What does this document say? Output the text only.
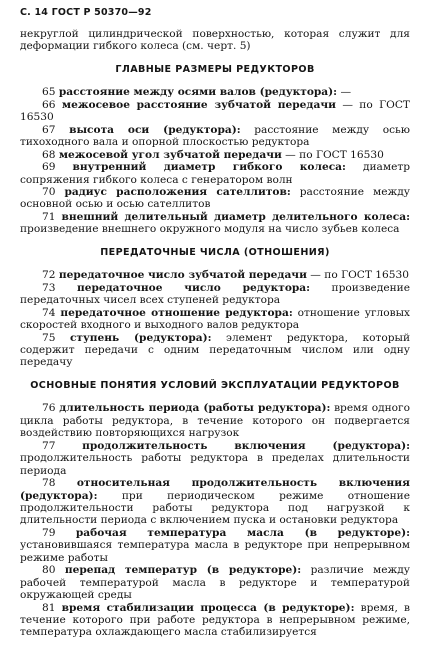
С. 14 ГОСТ Р 50370—92
некруглой цилиндрической поверхностью, которая служит для деформации гибкого колеса (см. черт. 5)
ГЛАВНЫЕ РАЗМЕРЫ РЕДУКТОРОВ
65 расстояние между осями валов (редуктора): —
66 межосевое расстояние зубчатой передачи — по ГОСТ 16530
67 высота оси (редуктора): расстояние между осью тихоходного вала и опорной плоскостью редуктора
68 межосевой угол зубчатой передачи — по ГОСТ 16530
69 внутренний диаметр гибкого колеса: диаметр сопряжения гибкого колеса с генератором волн
70 радиус расположения сателлитов: расстояние между основной осью и осью сателлитов
71 внешний делительный диаметр делительного колеса: произведение внешнего окружного модуля на число зубьев колеса
ПЕРЕДАТОЧНЫЕ ЧИСЛА (ОТНОШЕНИЯ)
72 передаточное число зубчатой передачи — по ГОСТ 16530
73 передаточное число редуктора: произведение передаточных чисел всех ступеней редуктора
74 передаточное отношение редуктора: отношение угловых скоростей входного и выходного валов редуктора
75 ступень (редуктора): элемент редуктора, который содержит передачи с одним передаточным числом или одну передачу
ОСНОВНЫЕ ПОНЯТИЯ УСЛОВИЙ ЭКСПЛУАТАЦИИ РЕДУКТОРОВ
76 длительность периода (работы редуктора): время одного цикла работы редуктора, в течение которого он подвергается воздействию повторяющихся нагрузок
77	продолжительность включения (редуктора): продолжительность работы редуктора в пределах длительности периода
78 относительная продолжительность включения (редуктора): при периодическом режиме отношение продолжительности работы редуктора под нагрузкой к длительности периода с включением пуска и остановки редуктора
79 рабочая температура масла (в редукторе): установившаяся температура масла в редукторе при непрерывном режиме работы
80 перепад температур (в редукторе): различие между рабочей температурой масла в редукторе и температурой окружающей среды
81 время стабилизации процесса (в редукторе): время, в течение которого при работе редуктора в непрерывном режиме, температура охлаждающего масла стабилизируется
